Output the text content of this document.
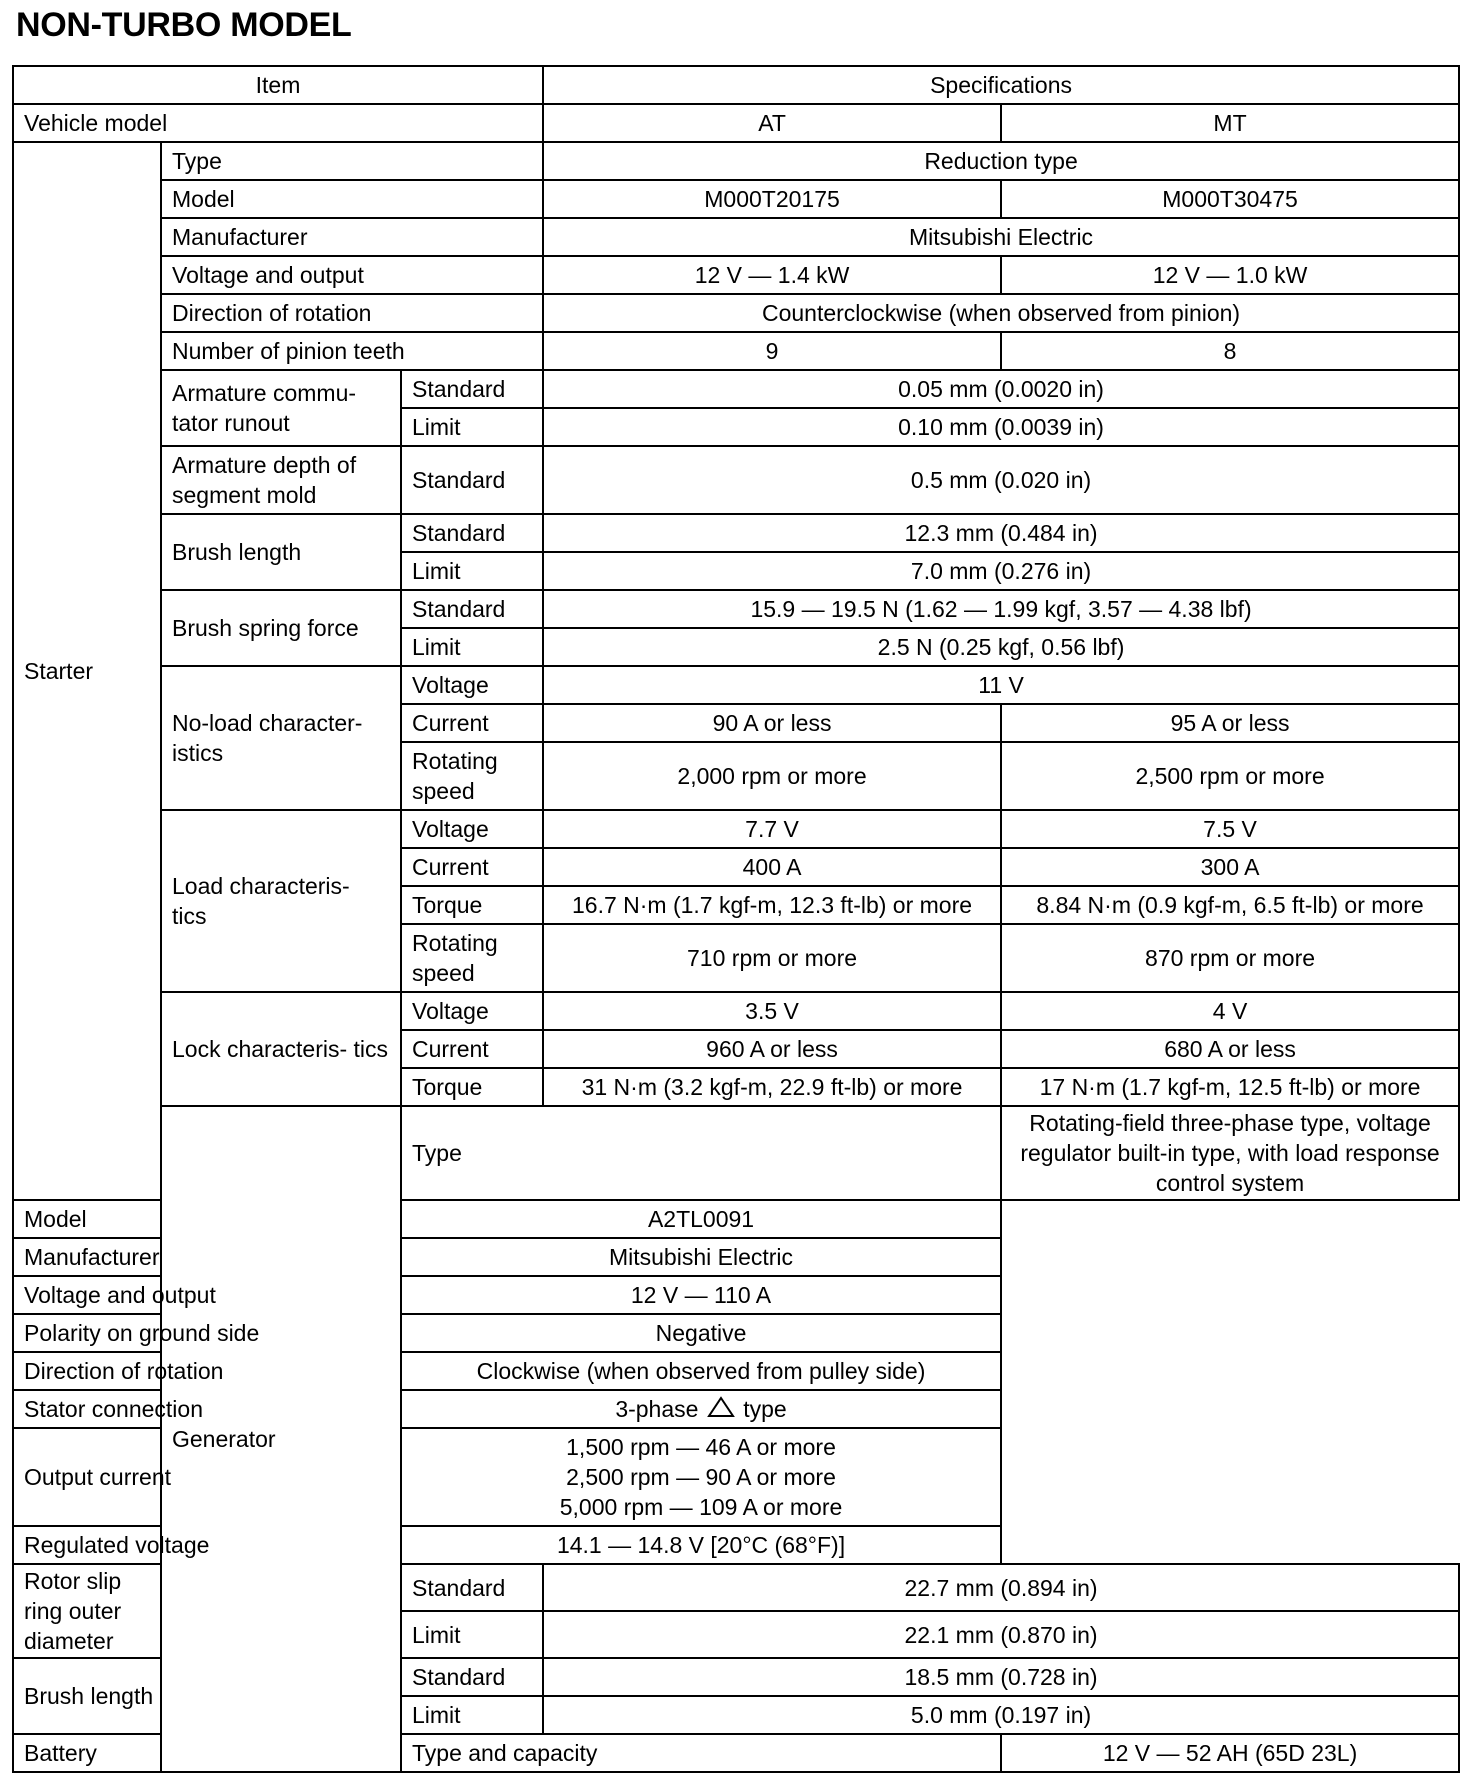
NON-TURBO MODEL
Item			Specifications		
Vehicle model			AT	MT	
Starter	Type		Reduction type		
	Model		M000T20175	M000T30475	
	Manufacturer		Mitsubishi Electric		
	Voltage and output		12 V — 1.4 kW	12 V — 1.0 kW	
	Direction of rotation		Counterclockwise (when observed from pinion)		
	Number of pinion teeth		9	8	
	Armature commu- tator runout	Standard	0.05 mm (0.0020 in)		
		Limit	0.10 mm (0.0039 in)		
	Armature depth of segment mold	Standard	0.5 mm (0.020 in)		
	Brush length	Standard	12.3 mm (0.484 in)		
		Limit	7.0 mm (0.276 in)		
	Brush spring force	Standard	15.9 — 19.5 N (1.62 — 1.99 kgf, 3.57 — 4.38 lbf)		
		Limit	2.5 N (0.25 kgf, 0.56 lbf)		
	No-load character- istics	Voltage	11 V		
		Current	90 A or less	95 A or less	
		Rotating speed	2,000 rpm or more	2,500 rpm or more	
	Load characteris- tics	Voltage	7.7 V	7.5 V	
		Current	400 A	300 A	
		Torque	16.7 N·m (1.7 kgf-m, 12.3 ft-lb) or more	8.84 N·m (0.9 kgf-m, 6.5 ft-lb) or more	
		Rotating speed	710 rpm or more	870 rpm or more	
	Lock characteris- tics	Voltage	3.5 V	4 V	
		Current	960 A or less	680 A or less	
		Torque	31 N·m (3.2 kgf-m, 22.9 ft-lb) or more	17 N·m (1.7 kgf-m, 12.5 ft-lb) or more	
	Generator	Type		Rotating-field three-phase type, voltage regulator built-in type, with load response control system	
Model		A2TL0091			
Manufacturer		Mitsubishi Electric			
Voltage and output		12 V — 110 A			
Polarity on ground side		Negative			
Direction of rotation		Clockwise (when observed from pulley side)			
Stator connection		3-phase type			
Output current		1,500 rpm — 46 A or more
2,500 rpm — 90 A or more
5,000 rpm — 109 A or more			

Regulated voltage		14.1 — 14.8 V [20°C (68°F)]			
Rotor slip ring outer diameter		Standard	22.7 mm (0.894 in)		
		Limit	22.1 mm (0.870 in)		
Brush length		Standard	18.5 mm (0.728 in)		
		Limit	5.0 mm (0.197 in)		
Battery		Type and capacity		12 V — 52 AH (65D 23L)	
